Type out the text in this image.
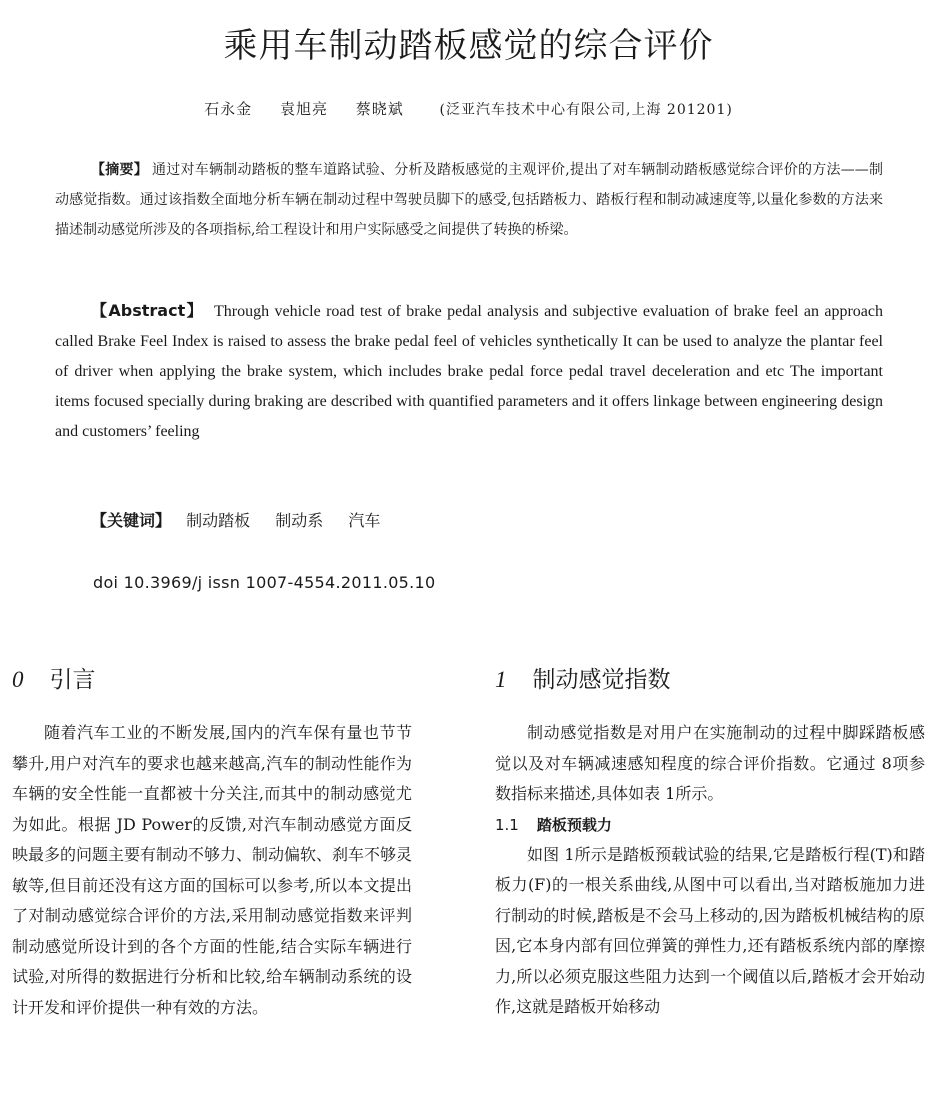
乘用车制动踏板感觉的综合评价
石永金 袁旭亮 蔡晓斌	(泛亚汽车技术中心有限公司,上海 201201)
【摘要】 通过对车辆制动踏板的整车道路试验、分析及踏板感觉的主观评价,提出了对车辆制动踏板感觉综合评价的方法——制动感觉指数。通过该指数全面地分析车辆在制动过程中驾驶员脚下的感受,包括踏板力、踏板行程和制动减速度等,以量化参数的方法来描述制动感觉所涉及的各项指标,给工程设计和用户实际感受之间提供了转换的桥梁。
【Abstract】 Through vehicle road test of brake pedal analysis and subjective evaluation of brake feel an approach called Brake Feel Index is raised to assess the brake pedal feel of vehicles synthetically It can be used to analyze the plantar feel of driver when applying the brake system, which includes brake pedal force pedal travel deceleration and etc The important items focused specially during braking are described with quantified parameters and it offers linkage between engineering design and customers’ feeling
【关键词】 制动踏板 制动系 汽车
doi 10.3969/j issn 1007-4554.2011.05.10
0 引言

随着汽车工业的不断发展,国内的汽车保有量也节节攀升,用户对汽车的要求也越来越高,汽车的制动性能作为车辆的安全性能一直都被十分关注,而其中的制动感觉尤为如此。根据 JD Power的反馈,对汽车制动感觉方面反映最多的问题主要有制动不够力、制动偏软、刹车不够灵敏等,但目前还没有这方面的国标可以参考,所以本文提出了对制动感觉综合评价的方法,采用制动感觉指数来评判制动感觉所设计到的各个方面的性能,结合实际车辆进行试验,对所得的数据进行分析和比较,给车辆制动系统的设计开发和评价提供一种有效的方法。

1 制动感觉指数

制动感觉指数是对用户在实施制动的过程中脚踩踏板感觉以及对车辆减速感知程度的综合评价指数。它通过 8项参数指标来描述,具体如表 1所示。

1.1 踏板预载力

如图 1所示是踏板预载试验的结果,它是踏板行程(T)和踏板力(F)的一根关系曲线,从图中可以看出,当对踏板施加力进行制动的时候,踏板是不会马上移动的,因为踏板机械结构的原因,它本身内部有回位弹簧的弹性力,还有踏板系统内部的摩擦力,所以必须克服这些阻力达到一个阈值以后,踏板才会开始动作,这就是踏板开始移动
